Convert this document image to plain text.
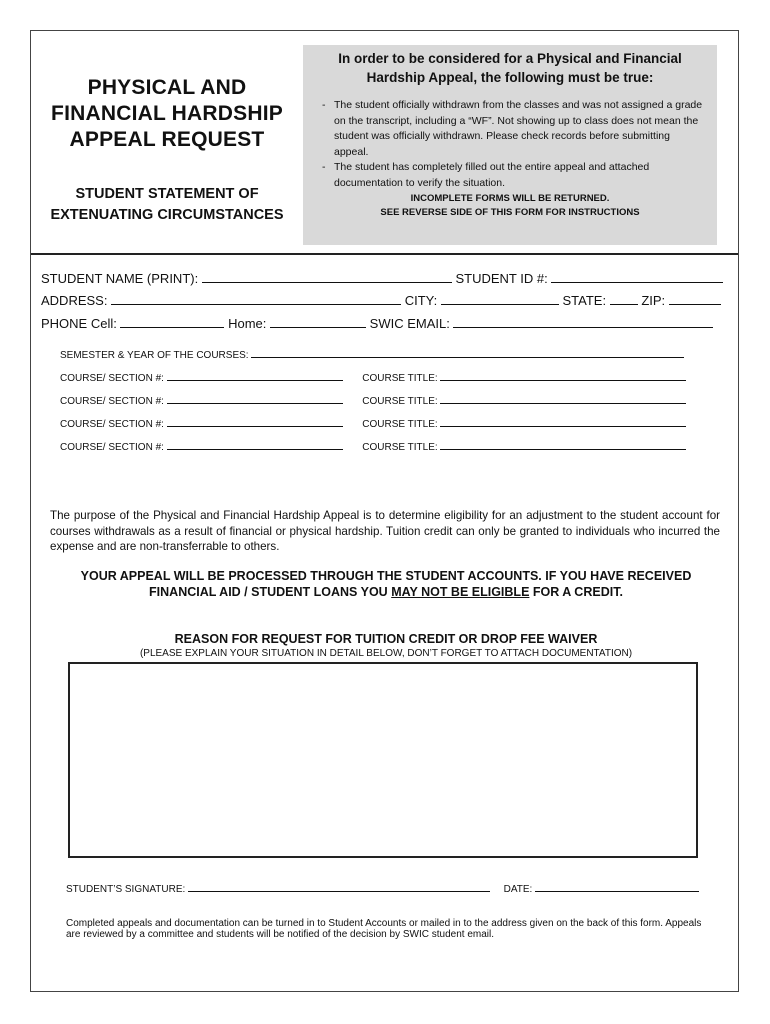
PHYSICAL AND
FINANCIAL HARDSHIP
APPEAL REQUEST
STUDENT STATEMENT OF
EXTENUATING CIRCUMSTANCES
In order to be considered for a Physical and Financial Hardship Appeal, the following must be true:
- The student officially withdrawn from the classes and was not assigned a grade on the transcript, including a “WF”. Not showing up to class does not mean the student was officially withdrawn. Please check records before submitting appeal.
- The student has completely filled out the entire appeal and attached documentation to verify the situation.
INCOMPLETE FORMS WILL BE RETURNED.
SEE REVERSE SIDE OF THIS FORM FOR INSTRUCTIONS
STUDENT NAME (PRINT):	STUDENT ID #:
ADDRESS:	CITY:	STATE:	ZIP:
PHONE Cell:	Home:	SWIC EMAIL:
SEMESTER & YEAR OF THE COURSES:
COURSE/ SECTION #:	COURSE TITLE:
COURSE/ SECTION #:	COURSE TITLE:
COURSE/ SECTION #:	COURSE TITLE:
COURSE/ SECTION #:	COURSE TITLE:
The purpose of the Physical and Financial Hardship Appeal is to determine eligibility for an adjustment to the student account for courses withdrawals as a result of financial or physical hardship. Tuition credit can only be granted to individuals who incurred the expense and are non-transferrable to others.
YOUR APPEAL WILL BE PROCESSED THROUGH THE STUDENT ACCOUNTS. IF YOU HAVE RECEIVED
FINANCIAL AID / STUDENT LOANS YOU MAY NOT BE ELIGIBLE FOR A CREDIT.
REASON FOR REQUEST FOR TUITION CREDIT OR DROP FEE WAIVER
(PLEASE EXPLAIN YOUR SITUATION IN DETAIL BELOW, DON’T FORGET TO ATTACH DOCUMENTATION)
STUDENT’S SIGNATURE:	DATE:
Completed appeals and documentation can be turned in to Student Accounts or mailed in to the address given on the back of this form. Appeals are reviewed by a committee and students will be notified of the decision by SWIC student email.
